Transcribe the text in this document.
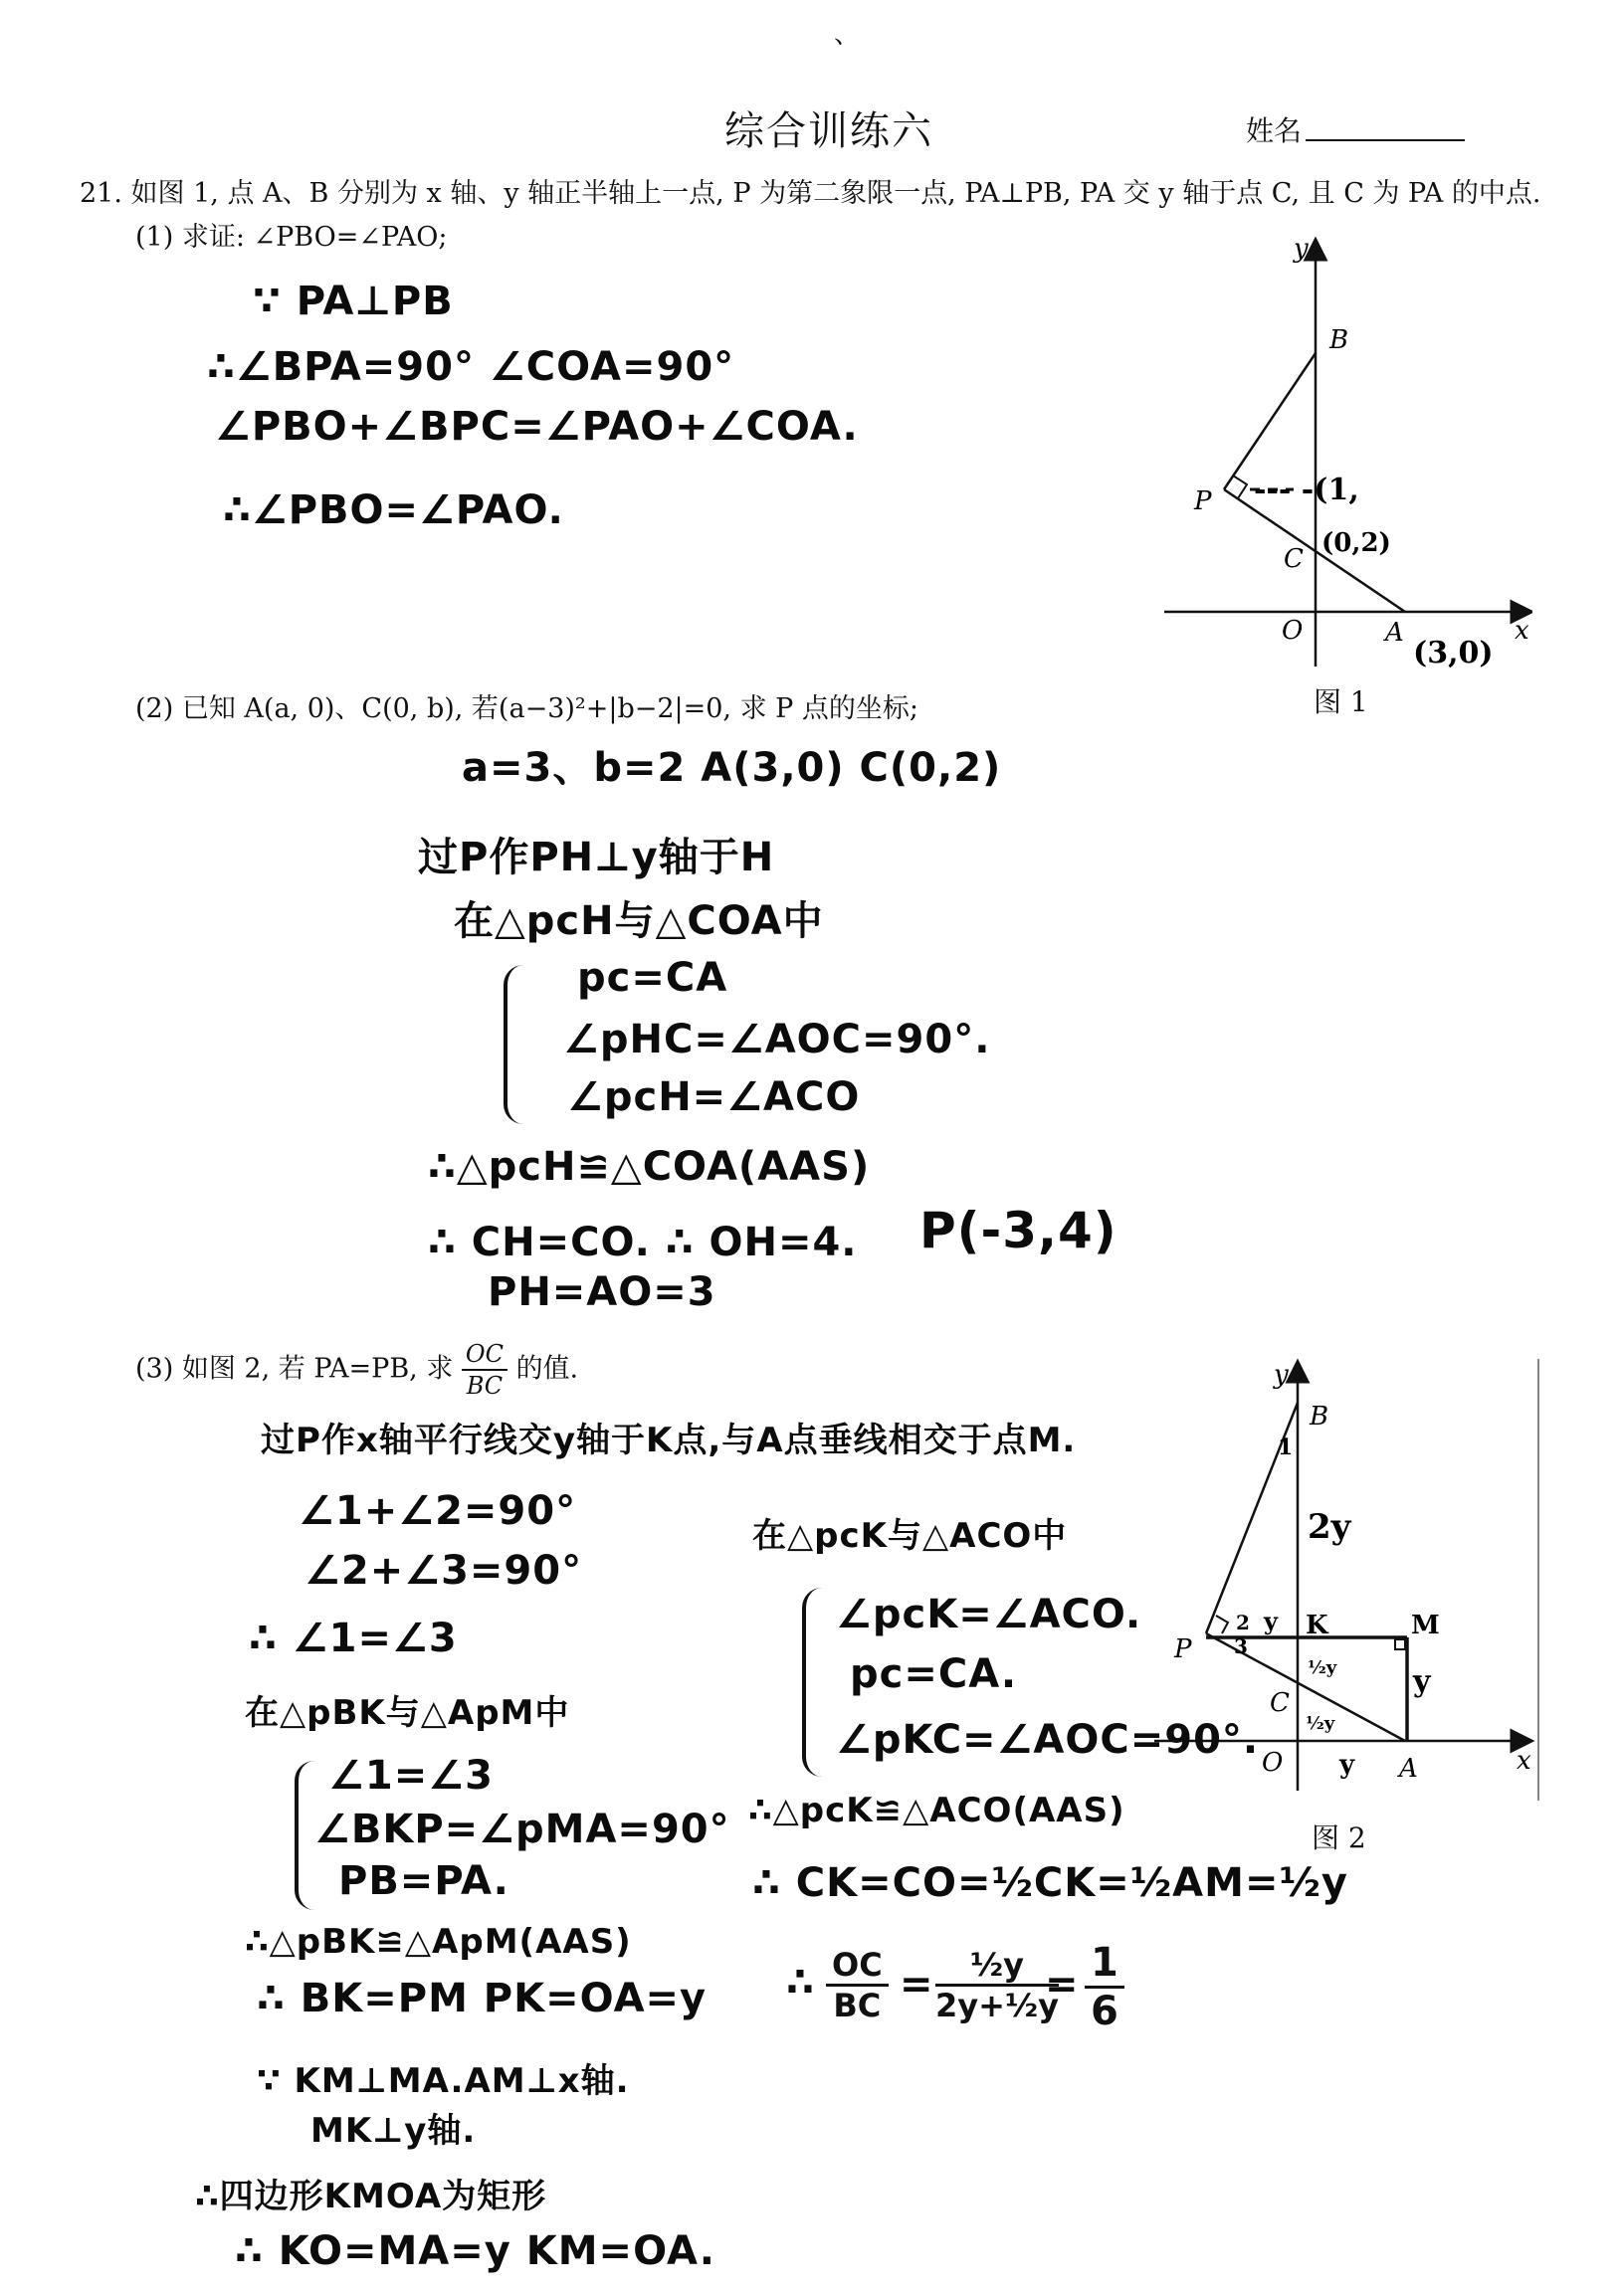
、
综合训练六	姓名
21. 如图 1, 点 A、B 分别为 x 轴、y 轴正半轴上一点, P 为第二象限一点, PA⊥PB, PA 交 y 轴于点 C, 且 C 为 PA 的中点.
(1) 求证: ∠PBO=∠PAO;
(2) 已知 A(a, 0)、C(0, b), 若(a−3)²+|b−2|=0, 求 P 点的坐标;
(3) 如图 2, 若 PA=PB, 求 $\frac{OC}{BC}$ 的值.
y
x
B
P
C
O	A
--- -(1,
(0,2)
(3,0)
图 1
∵ PA⊥PB
∴∠BPA=90° ∠COA=90°
∠PBO+∠BPC=∠PAO+∠COA.
∴∠PBO=∠PAO.
a=3、b=2 A(3,0) C(0,2)
过P作PH⊥y轴于H
在△pcH与△COA中
pc=CA
∠pHC=∠AOC=90°.
∠pcH=∠ACO
∴△pcH≌△COA(AAS)
∴ CH=CO. ∴ OH=4. P(-3,4)
PH=AO=3
y
x
B
P
C
O	A
K	M
1
2
3
2y
y
y
½y
½y
y
图 2
过P作x轴平行线交y轴于K点,与A点垂线相交于点M.
∠1+∠2=90°
∠2+∠3=90°
∴ ∠1=∠3
在△pBK与△ApM中
∠1=∠3
∠BKP=∠pMA=90°
PB=PA.
∴△pBK≌△ApM(AAS)
∴ BK=PM PK=OA=y
∵ KM⊥MA.AM⊥x轴.
MK⊥y轴.
∴四边形KMOA为矩形
∴ KO=MA=y KM=OA.
在△pcK与△ACO中
∠pcK=∠ACO.
pc=CA.
∠pKC=∠AOC=90°.
∴△pcK≌△ACO(AAS)
∴ CK=CO=½CK=½AM=½y
∴ $\frac{OC}{BC} = \frac{\text{½y}}{\text{2y+½y}}$
= $\frac{1}{6}$
